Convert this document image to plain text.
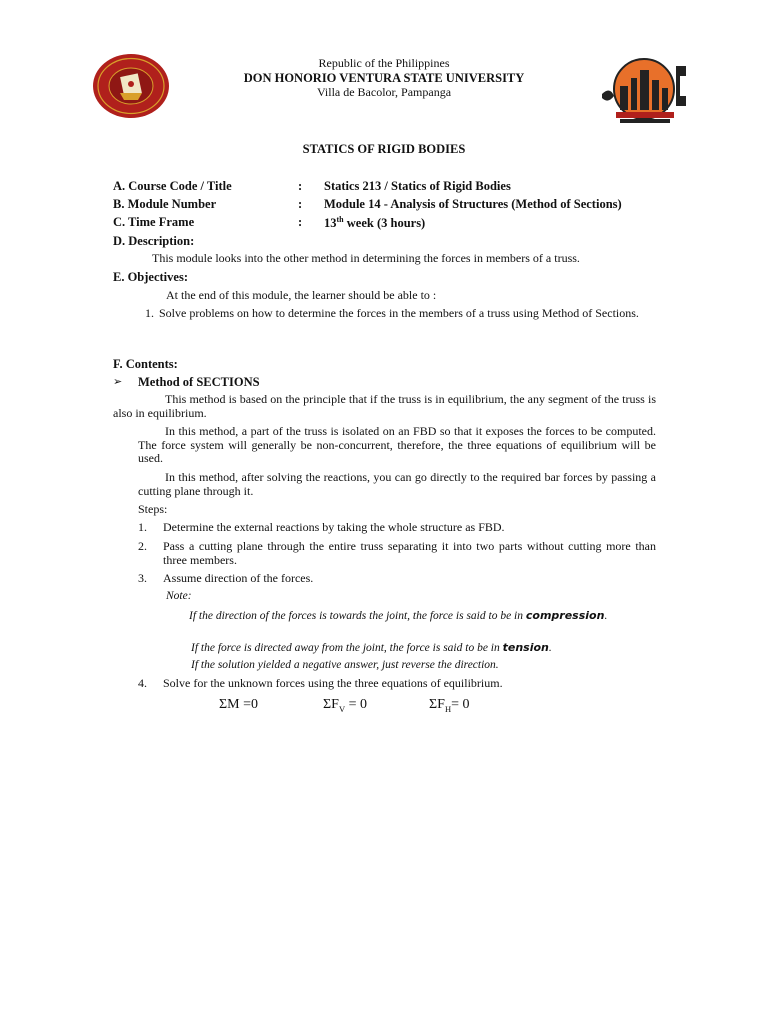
Republic of the Philippines
DON HONORIO VENTURA STATE UNIVERSITY
Villa de Bacolor, Pampanga
STATICS OF RIGID BODIES
A. Course Code / Title	: Statics 213 / Statics of Rigid Bodies
B. Module Number	: Module 14 - Analysis of Structures (Method of Sections)
C. Time Frame	: 13th week (3 hours)
D. Description:
This module looks into the other method in determining the forces in members of a truss.
E. Objectives:
At the end of this module, the learner should be able to :
1. Solve problems on how to determine the forces in the members of a truss using Method of Sections.
F. Contents:
➢ Method of SECTIONS
This method is based on the principle that if the truss is in equilibrium, the any segment of the truss is also in equilibrium.
In this method, a part of the truss is isolated on an FBD so that it exposes the forces to be computed. The force system will generally be non-concurrent, therefore, the three equations of equilibrium will be used.
In this method, after solving the reactions, you can go directly to the required bar forces by passing a cutting plane through it.
Steps:
1. Determine the external reactions by taking the whole structure as FBD.
2. Pass a cutting plane through the entire truss separating it into two parts without cutting more than three members.
3. Assume direction of the forces.
Note:
If the direction of the forces is towards the joint, the force is said to be in compression.
If the force is directed away from the joint, the force is said to be in tension.
If the solution yielded a negative answer, just reverse the direction.
4. Solve for the unknown forces using the three equations of equilibrium.
ΣM =0	$\Sigma F_V = 0$	$\Sigma F_H= 0$
